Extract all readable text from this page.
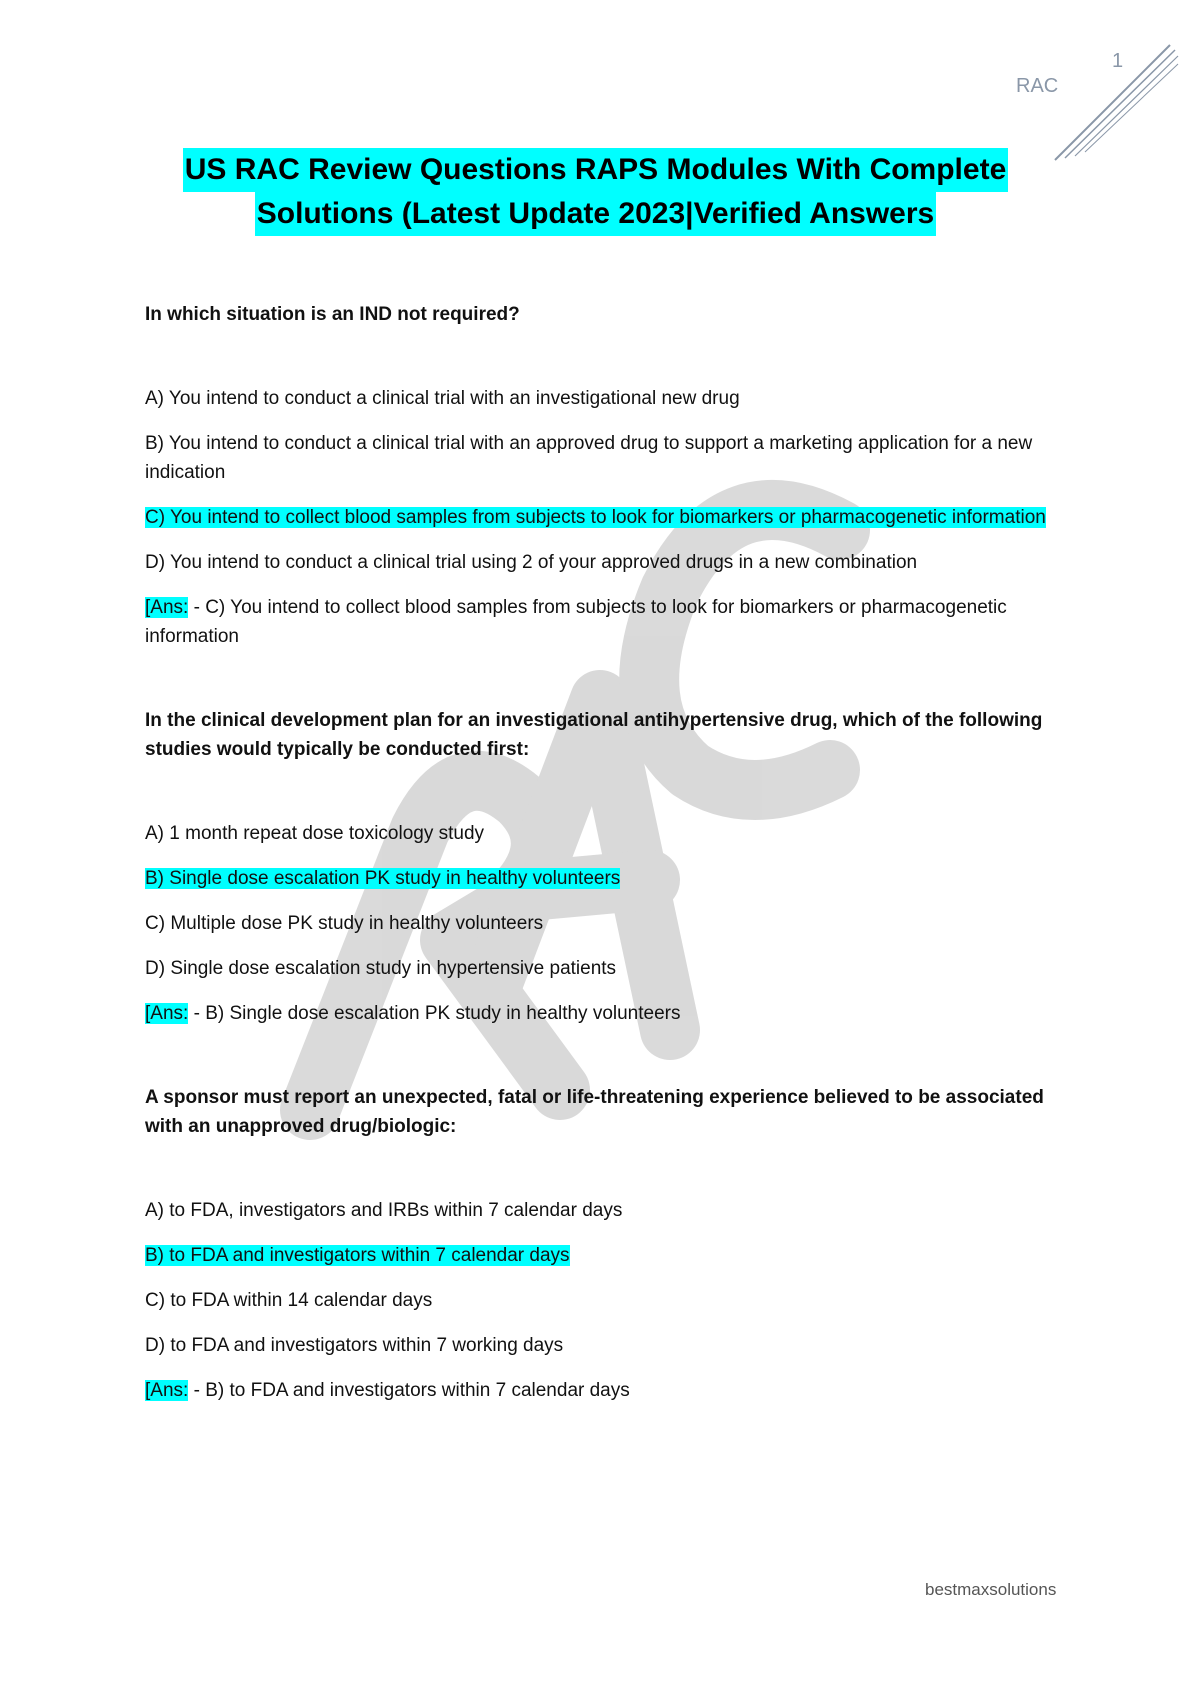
1
RAC
US RAC Review Questions RAPS Modules With Complete
Solutions (Latest Update 2023|Verified Answers

In which situation is an IND not required?

A) You intend to conduct a clinical trial with an investigational new drug

B) You intend to conduct a clinical trial with an approved drug to support a marketing application for a new indication

C) You intend to collect blood samples from subjects to look for biomarkers or pharmacogenetic information

D) You intend to conduct a clinical trial using 2 of your approved drugs in a new combination

[Ans: - C) You intend to collect blood samples from subjects to look for biomarkers or pharmacogenetic information

In the clinical development plan for an investigational antihypertensive drug, which of the following studies would typically be conducted first:

A) 1 month repeat dose toxicology study

B) Single dose escalation PK study in healthy volunteers

C) Multiple dose PK study in healthy volunteers

D) Single dose escalation study in hypertensive patients

[Ans: - B) Single dose escalation PK study in healthy volunteers

A sponsor must report an unexpected, fatal or life-threatening experience believed to be associated with an unapproved drug/biologic:

A) to FDA, investigators and IRBs within 7 calendar days

B) to FDA and investigators within 7 calendar days

C) to FDA within 14 calendar days

D) to FDA and investigators within 7 working days

[Ans: - B) to FDA and investigators within 7 calendar days

bestmaxsolutions
